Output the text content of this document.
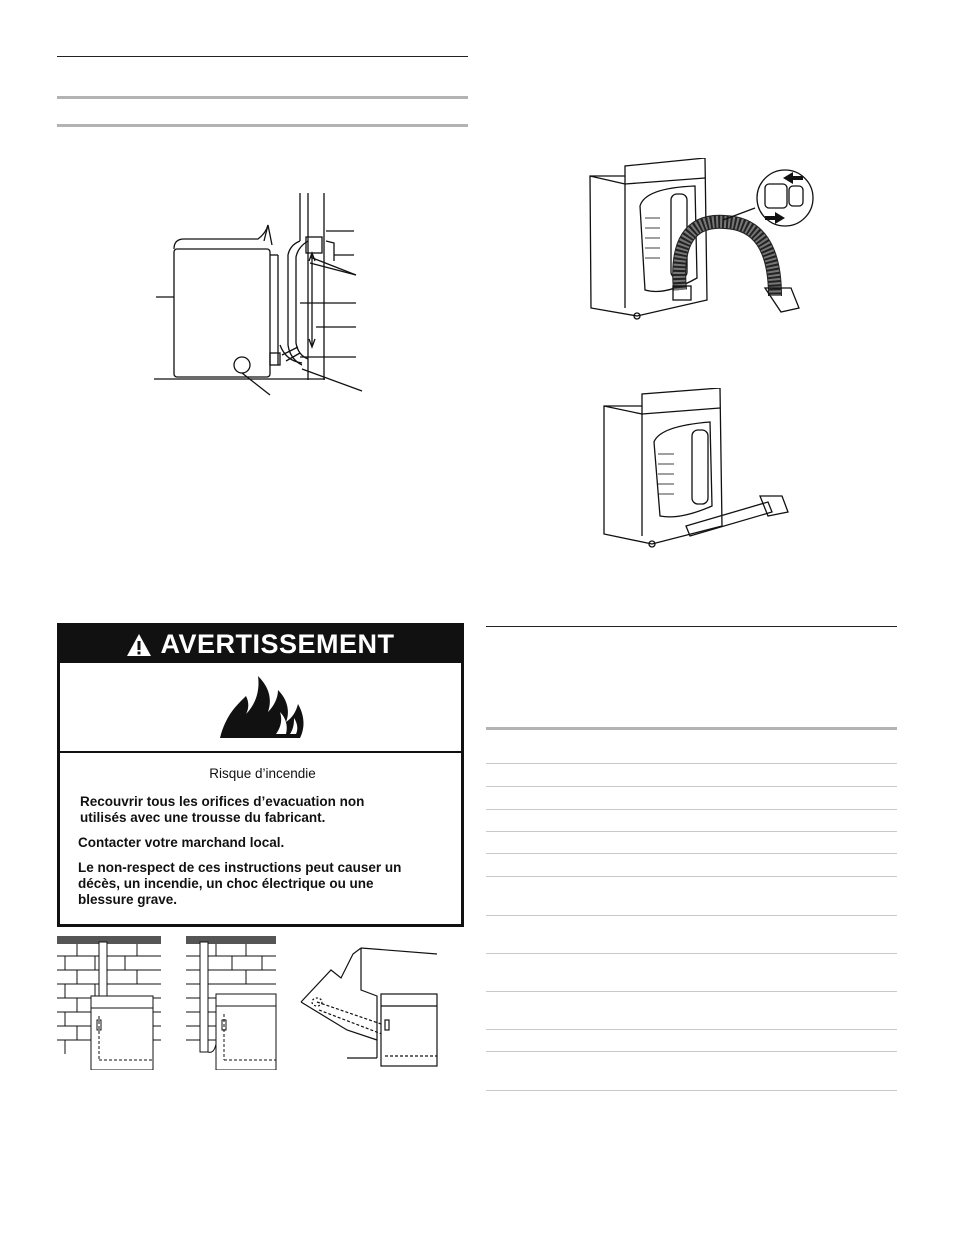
AVERTISSEMENT
Risque d’incendie

Recouvrir tous les orifices d’evacuation non utilisés avec une trousse du fabricant.

Contacter votre marchand local.

Le non-respect de ces instructions peut causer un décès, un incendie, un choc électrique ou une blessure grave.
